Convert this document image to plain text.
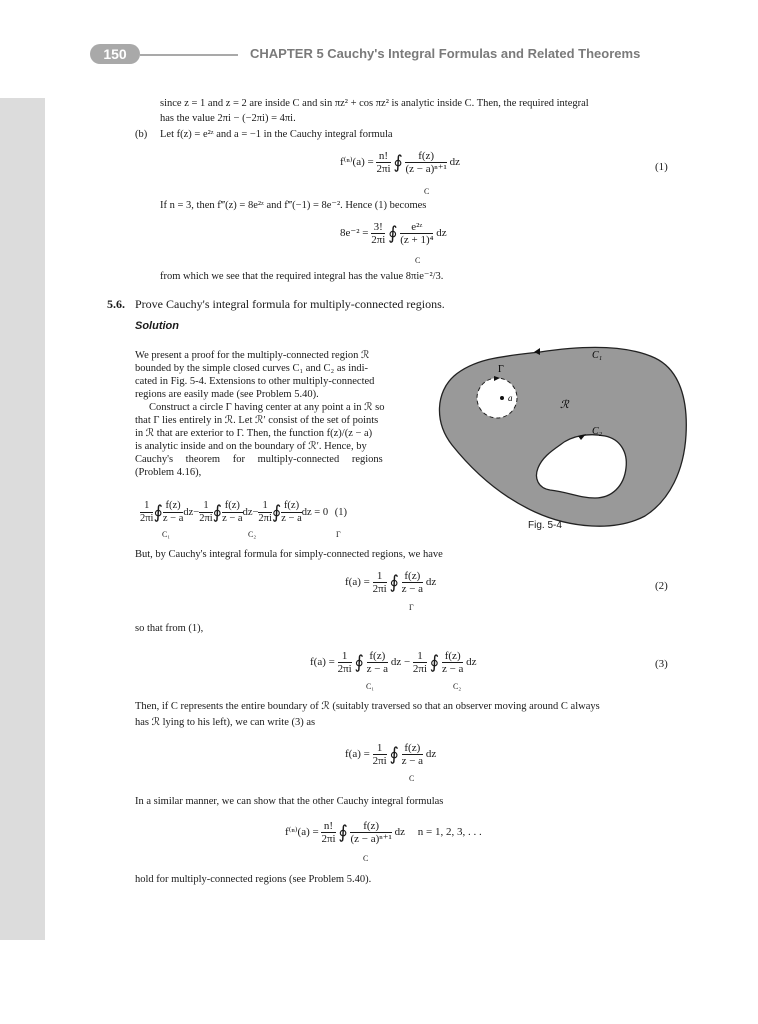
150	CHAPTER 5 Cauchy's Integral Formulas and Related Theorems
since z = 1 and z = 2 are inside C and sin πz² + cos πz² is analytic inside C. Then, the required integral
has the value 2πi − (−2πi) = 4πi.
(b) Let f(z) = e²ᶻ and a = −1 in the Cauchy integral formula
$f^{(n)}(a) = \frac{n!}{2\pi i}$ ∮ $\frac{f(z)}{\text{(z − a)ⁿ⁺¹}}$ dz
C
(1)
If n = 3, then f‴(z) = 8e²ᶻ and f‴(−1) = 8e⁻². Hence (1) becomes
$8e^{-2} = \frac{3!}{2\pi i}$ ∮ $\frac{\text{e²ᶻ}}{\text{(z + 1)⁴}}$ dz
C
from which we see that the required integral has the value 8πie⁻²/3.
5.6. Prove Cauchy's integral formula for multiply-connected regions.
Solution
We present a proof for the multiply-connected region ℛ
bounded by the simple closed curves C₁ and C₂ as indi-
cated in Fig. 5-4. Extensions to other multiply-connected
regions are easily made (see Problem 5.40).
Construct a circle Γ having center at any point a in ℛ so
that Γ lies entirely in ℛ. Let ℛ′ consist of the set of points
in ℛ that are exterior to Γ. Then, the function f(z)/(z − a)
is analytic inside and on the boundary of ℛ′. Hence, by
Cauchy's theorem for multiply-connected regions
(Problem 4.16),
$\frac{1}{2\pi i}$ ∮ $\frac{f(z)}{z - a} dz- \frac{1}{2\pi i}$ ∮ $\frac{f(z)}{z - a} dz- \frac{1}{2\pi i}$ ∮ $\frac{f(z)}{z - a}$ dz = 0 (1)
C₁	C₂	Γ
C₁
C₂
Γ
a
ℛ
Fig. 5-4
But, by Cauchy's integral formula for simply-connected regions, we have
$f(a) = \frac{1}{2\pi i}$ ∮ $\frac{f(z)}{z - a}$ dz
Γ
(2)
so that from (1),
$f(a) = \frac{1}{2\pi i}$ ∮ $\frac{f(z)}{z - a}$ dz − $\frac{1}{2\pi i}$ ∮ $\frac{f(z)}{z - a}$ dz
C₁	C₂
(3)
Then, if C represents the entire boundary of ℛ (suitably traversed so that an observer moving around C always
has ℛ lying to his left), we can write (3) as
$f(a) = \frac{1}{2\pi i}$ ∮ $\frac{f(z)}{z - a}$ dz
C
In a similar manner, we can show that the other Cauchy integral formulas
$f^{(n)}(a) = \frac{n!}{2\pi i}$ ∮ $\frac{f(z)}{\text{(z − a)ⁿ⁺¹}}$ dz n = 1, 2, 3, . . .
C
hold for multiply-connected regions (see Problem 5.40).
